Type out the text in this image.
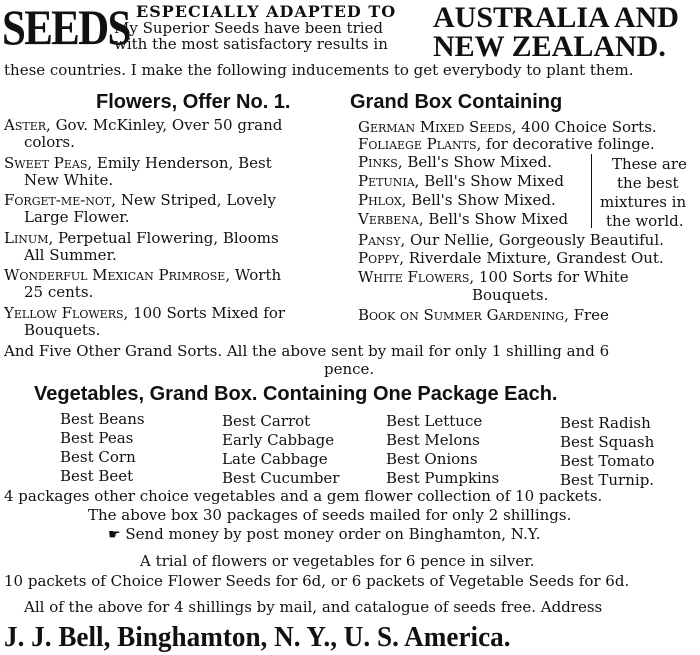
SEEDS ESPECIALLY ADAPTED TO
My Superior Seeds have been tried
with the most satisfactory results in
AUSTRALIA AND
NEW ZEALAND.
these countries. I make the following inducements to get everybody to plant them.
Flowers, Offer No. 1.	Grand Box Containing
Aster, Gov. McKinley, Over 50 grand
colors.
Sweet Peas, Emily Henderson, Best
New White.
Forget-me-not, New Striped, Lovely
Large Flower.
Linum, Perpetual Flowering, Blooms
All Summer.
Wonderful Mexican Primrose, Worth
25 cents.
Yellow Flowers, 100 Sorts Mixed for
Bouquets.
German Mixed Seeds, 400 Choice Sorts.
Foliaege Plants, for decorative folinge.
Pinks, Bell's Show Mixed.
Petunia, Bell's Show Mixed
Phlox, Bell's Show Mixed.
Verbena, Bell's Show Mixed
These are
the best
mixtures in
the world.
Pansy, Our Nellie, Gorgeously Beautiful.
Poppy, Riverdale Mixture, Grandest Out.
White Flowers, 100 Sorts for White
Bouquets.
Book on Summer Gardening, Free
And Five Other Grand Sorts. All the above sent by mail for only 1 shilling and 6
pence.
Vegetables, Grand Box. Containing One Package Each.
Best Beans
Best Peas
Best Corn
Best Beet
Best Carrot
Early Cabbage
Late Cabbage
Best Cucumber
Best Lettuce
Best Melons
Best Onions
Best Pumpkins
Best Radish
Best Squash
Best Tomato
Best Turnip.
4 packages other choice vegetables and a gem flower collection of 10 packets.
The above box 30 packages of seeds mailed for only 2 shillings.
☛ Send money by post money order on Binghamton, N.Y.
A trial of flowers or vegetables for 6 pence in silver.
10 packets of Choice Flower Seeds for 6d, or 6 packets of Vegetable Seeds for 6d.
All of the above for 4 shillings by mail, and catalogue of seeds free. Address
J. J. Bell, Binghamton, N. Y., U. S. America.
